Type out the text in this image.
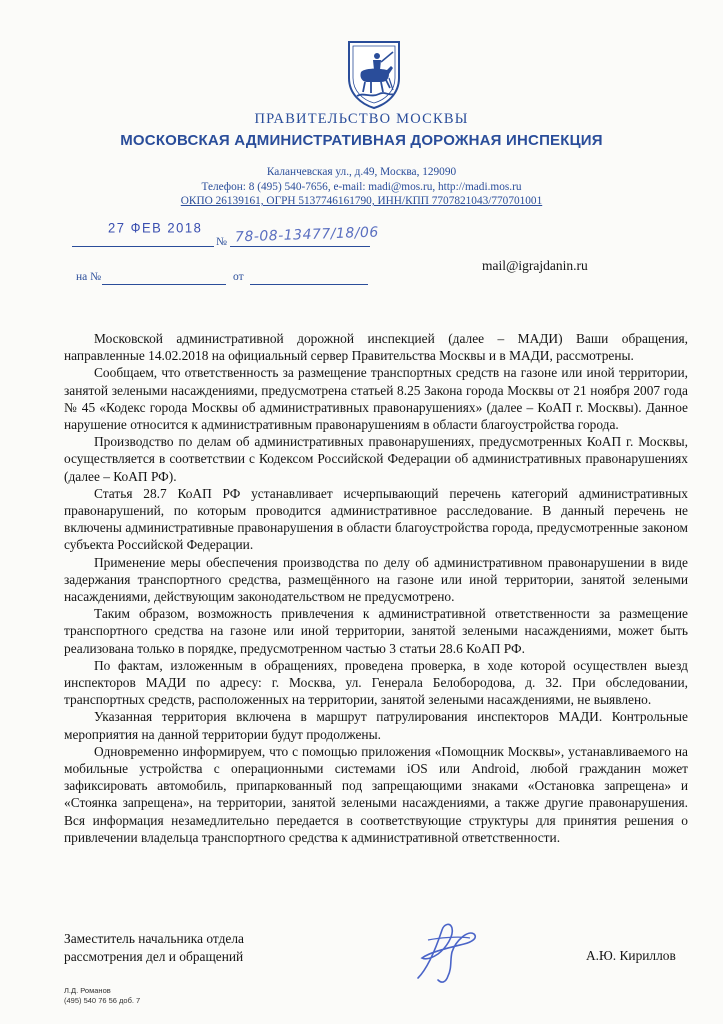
ПРАВИТЕЛЬСТВО МОСКВЫ
МОСКОВСКАЯ АДМИНИСТРАТИВНАЯ ДОРОЖНАЯ ИНСПЕКЦИЯ
Каланчевская ул., д.49, Москва, 129090
Телефон: 8 (495) 540-7656, e-mail: madi@mos.ru, http://madi.mos.ru
ОКПО 26139161, ОГРН 5137746161790, ИНН/КПП 7707821043/770701001
27 ФЕВ 2018
№ 78-08-13477/18/06
на №	от
mail@igrajdanin.ru

Московской административной дорожной инспекцией (далее – МАДИ) Ваши обращения, направленные 14.02.2018 на официальный сервер Правительства Москвы и в МАДИ, рассмотрены.

Сообщаем, что ответственность за размещение транспортных средств на газоне или иной территории, занятой зелеными насаждениями, предусмотрена статьей 8.25 Закона города Москвы от 21 ноября 2007 года № 45 «Кодекс города Москвы об административных правонарушениях» (далее – КоАП г. Москвы). Данное нарушение относится к административным правонарушениям в области благоустройства города.

Производство по делам об административных правонарушениях, предусмотренных КоАП г. Москвы, осуществляется в соответствии с Кодексом Российской Федерации об административных правонарушениях (далее – КоАП РФ).

Статья 28.7 КоАП РФ устанавливает исчерпывающий перечень категорий административных правонарушений, по которым проводится административное расследование. В данный перечень не включены административные правонарушения в области благоустройства города, предусмотренные законом субъекта Российской Федерации.

Применение меры обеспечения производства по делу об административном правонарушении в виде задержания транспортного средства, размещённого на газоне или иной территории, занятой зелеными насаждениями, действующим законодательством не предусмотрено.

Таким образом, возможность привлечения к административной ответственности за размещение транспортного средства на газоне или иной территории, занятой зелеными насаждениями, может быть реализована только в порядке, предусмотренном частью 3 статьи 28.6 КоАП РФ.

По фактам, изложенным в обращениях, проведена проверка, в ходе которой осуществлен выезд инспекторов МАДИ по адресу: г. Москва, ул. Генерала Белобородова, д. 32. При обследовании, транспортных средств, расположенных на территории, занятой зелеными насаждениями, не выявлено.

Указанная территория включена в маршрут патрулирования инспекторов МАДИ. Контрольные мероприятия на данной территории будут продолжены.

Одновременно информируем, что с помощью приложения «Помощник Москвы», устанавливаемого на мобильные устройства с операционными системами iOS или Android, любой гражданин может зафиксировать автомобиль, припаркованный под запрещающими знаками «Остановка запрещена» и «Стоянка запрещена», на территории, занятой зелеными насаждениями, а также другие правонарушения. Вся информация незамедлительно передается в соответствующие структуры для принятия решения о привлечении владельца транспортного средства к административной ответственности.

Заместитель начальника отдела
рассмотрения дел и обращений	А.Ю. Кириллов
Л.Д. Романов
(495) 540 76 56 доб. 7
